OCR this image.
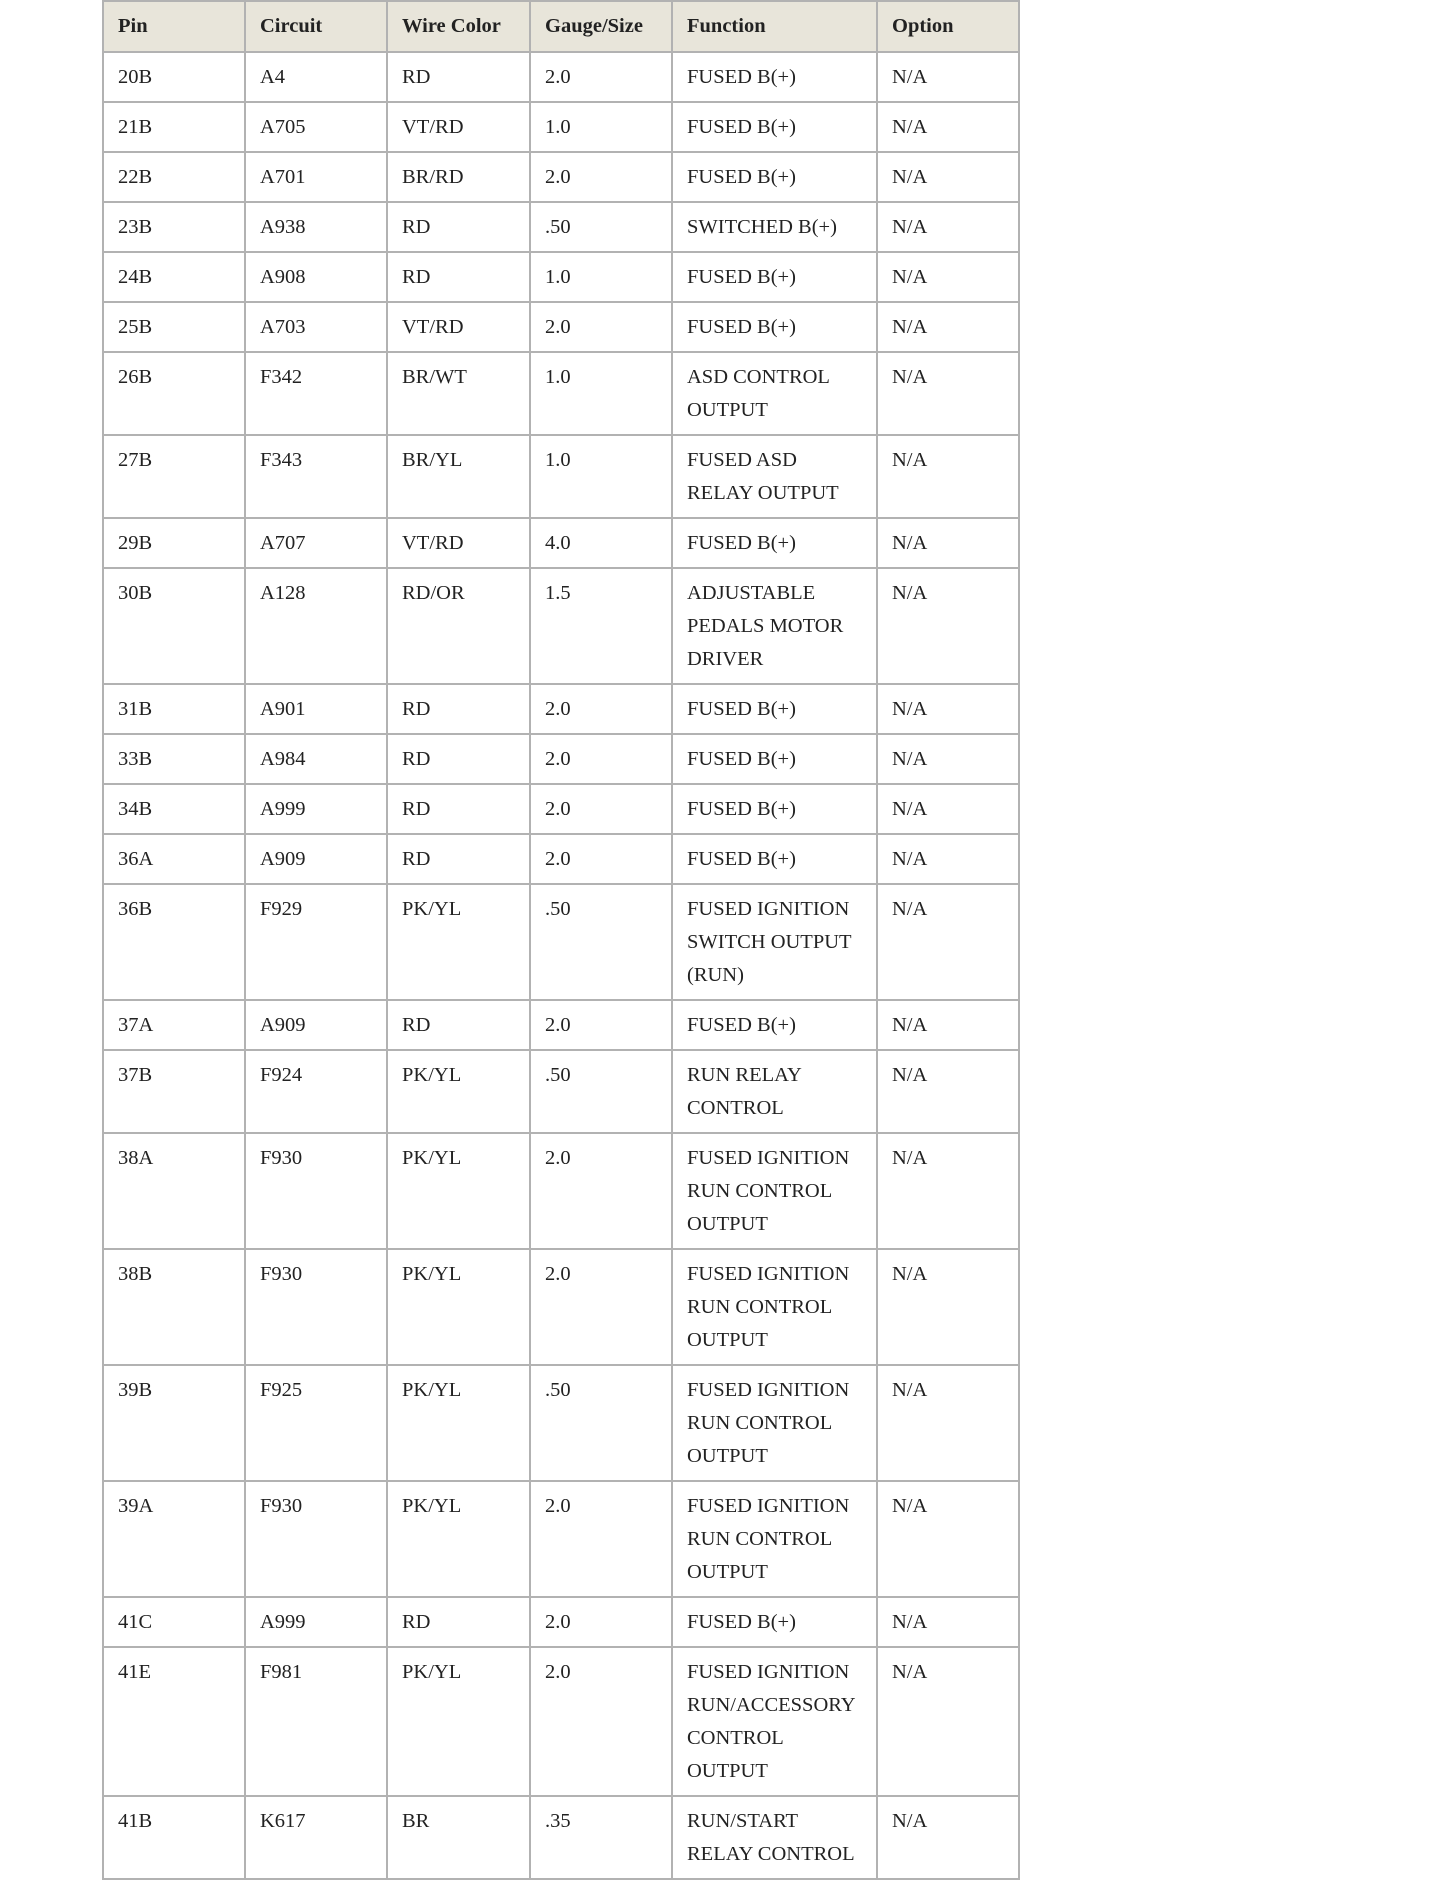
Pin	Circuit	Wire Color	Gauge/Size	Function	Option
20B	A4	RD	2.0	FUSED B(+)	N/A
21B	A705	VT/RD	1.0	FUSED B(+)	N/A
22B	A701	BR/RD	2.0	FUSED B(+)	N/A
23B	A938	RD	.50	SWITCHED B(+)	N/A
24B	A908	RD	1.0	FUSED B(+)	N/A
25B	A703	VT/RD	2.0	FUSED B(+)	N/A
26B	F342	BR/WT	1.0	ASD CONTROL OUTPUT	N/A
27B	F343	BR/YL	1.0	FUSED ASD RELAY OUTPUT	N/A
29B	A707	VT/RD	4.0	FUSED B(+)	N/A
30B	A128	RD/OR	1.5	ADJUSTABLE PEDALS MOTOR DRIVER	N/A
31B	A901	RD	2.0	FUSED B(+)	N/A
33B	A984	RD	2.0	FUSED B(+)	N/A
34B	A999	RD	2.0	FUSED B(+)	N/A
36A	A909	RD	2.0	FUSED B(+)	N/A
36B	F929	PK/YL	.50	FUSED IGNITION SWITCH OUTPUT (RUN)	N/A
37A	A909	RD	2.0	FUSED B(+)	N/A
37B	F924	PK/YL	.50	RUN RELAY CONTROL	N/A
38A	F930	PK/YL	2.0	FUSED IGNITION RUN CONTROL OUTPUT	N/A
38B	F930	PK/YL	2.0	FUSED IGNITION RUN CONTROL OUTPUT	N/A
39B	F925	PK/YL	.50	FUSED IGNITION RUN CONTROL OUTPUT	N/A
39A	F930	PK/YL	2.0	FUSED IGNITION RUN CONTROL OUTPUT	N/A
41C	A999	RD	2.0	FUSED B(+)	N/A
41E	F981	PK/YL	2.0	FUSED IGNITION RUN/ACCESSORY CONTROL OUTPUT	N/A
41B	K617	BR	.35	RUN/START RELAY CONTROL	N/A
